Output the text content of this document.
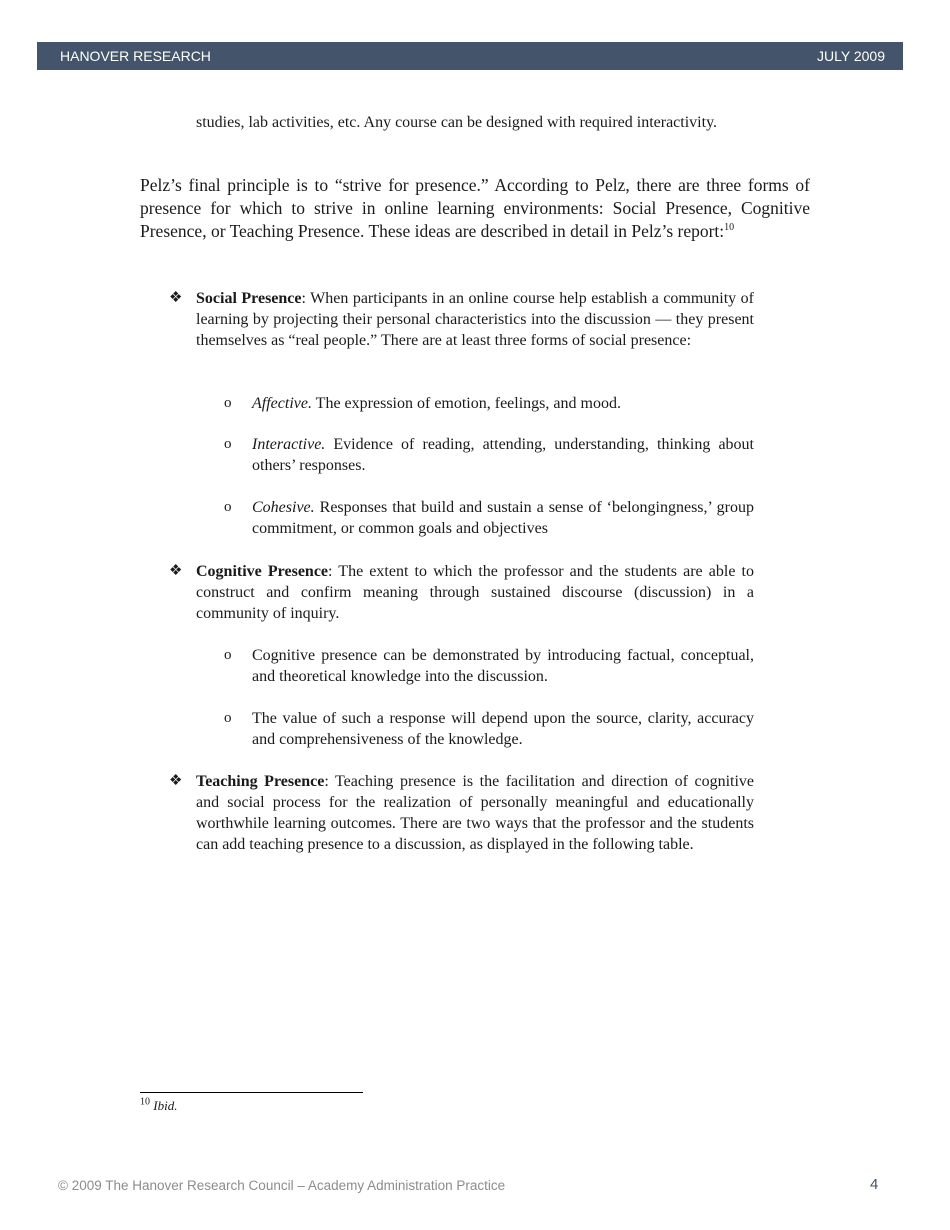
HANOVER RESEARCH	JULY 2009
studies, lab activities, etc. Any course can be designed with required interactivity.
Pelz’s final principle is to “strive for presence.” According to Pelz, there are three forms of presence for which to strive in online learning environments: Social Presence, Cognitive Presence, or Teaching Presence. These ideas are described in detail in Pelz’s report:$^{10}$
❖ Social Presence: When participants in an online course help establish a community of learning by projecting their personal characteristics into the discussion — they present themselves as “real people.” There are at least three forms of social presence:
o Affective. The expression of emotion, feelings, and mood.
o Interactive. Evidence of reading, attending, understanding, thinking about others’ responses.
o Cohesive. Responses that build and sustain a sense of ‘belongingness,’ group commitment, or common goals and objectives
❖ Cognitive Presence: The extent to which the professor and the students are able to construct and confirm meaning through sustained discourse (discussion) in a community of inquiry.
o Cognitive presence can be demonstrated by introducing factual, conceptual, and theoretical knowledge into the discussion.
o The value of such a response will depend upon the source, clarity, accuracy and comprehensiveness of the knowledge.
❖ Teaching Presence: Teaching presence is the facilitation and direction of cognitive and social process for the realization of personally meaningful and educationally worthwhile learning outcomes. There are two ways that the professor and the students can add teaching presence to a discussion, as displayed in the following table.
$^{10}$ Ibid.
© 2009 The Hanover Research Council – Academy Administration Practice	4
